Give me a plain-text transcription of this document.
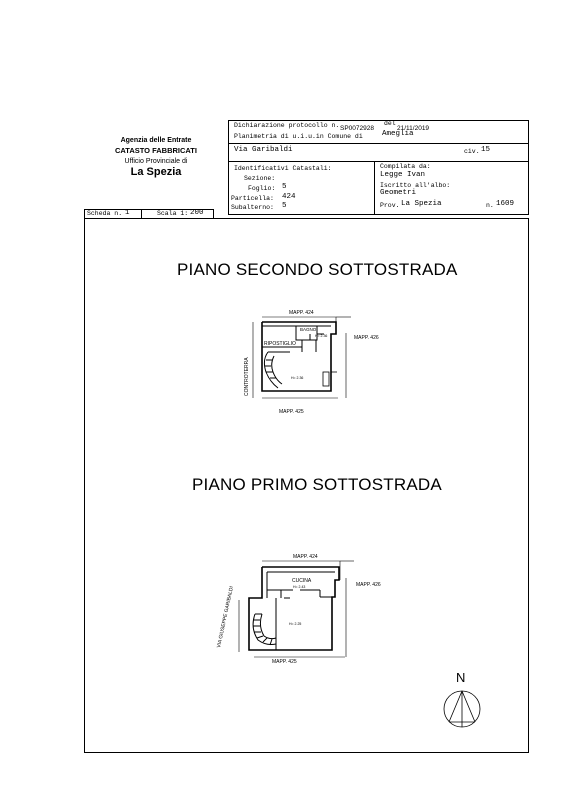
Agenzia delle Entrate
CATASTO FABBRICATI
Ufficio Provinciale di
La Spezia
Dichiarazione protocollo n. SP0072928
del
21/11/2019
Planimetria di u.i.u.in Comune di	Ameglia
Via Garibaldi	civ. 15
Identificativi Catastali:
Sezione:
Foglio: 5
Particella: 424
Subalterno: 5
Compilata da:
Legge Ivan
Iscritto all'albo:
Geometri
Prov. La Spezia	n. 1609
Scheda n. 1	Scala 1: 200
PIANO SECONDO SOTTOSTRADA
PIANO PRIMO SOTTOSTRADA
MAPP. 424
MAPP. 426
MAPP. 425
CONTROTERRA
BAGNO
H= 2.36
RIPOSTIGLIO
H= 2.36
MAPP. 424
MAPP. 426
MAPP. 425
VIA GIUSEPPE GARIBALDI
CUCINA
H= 2.43
H= 2.25
N
